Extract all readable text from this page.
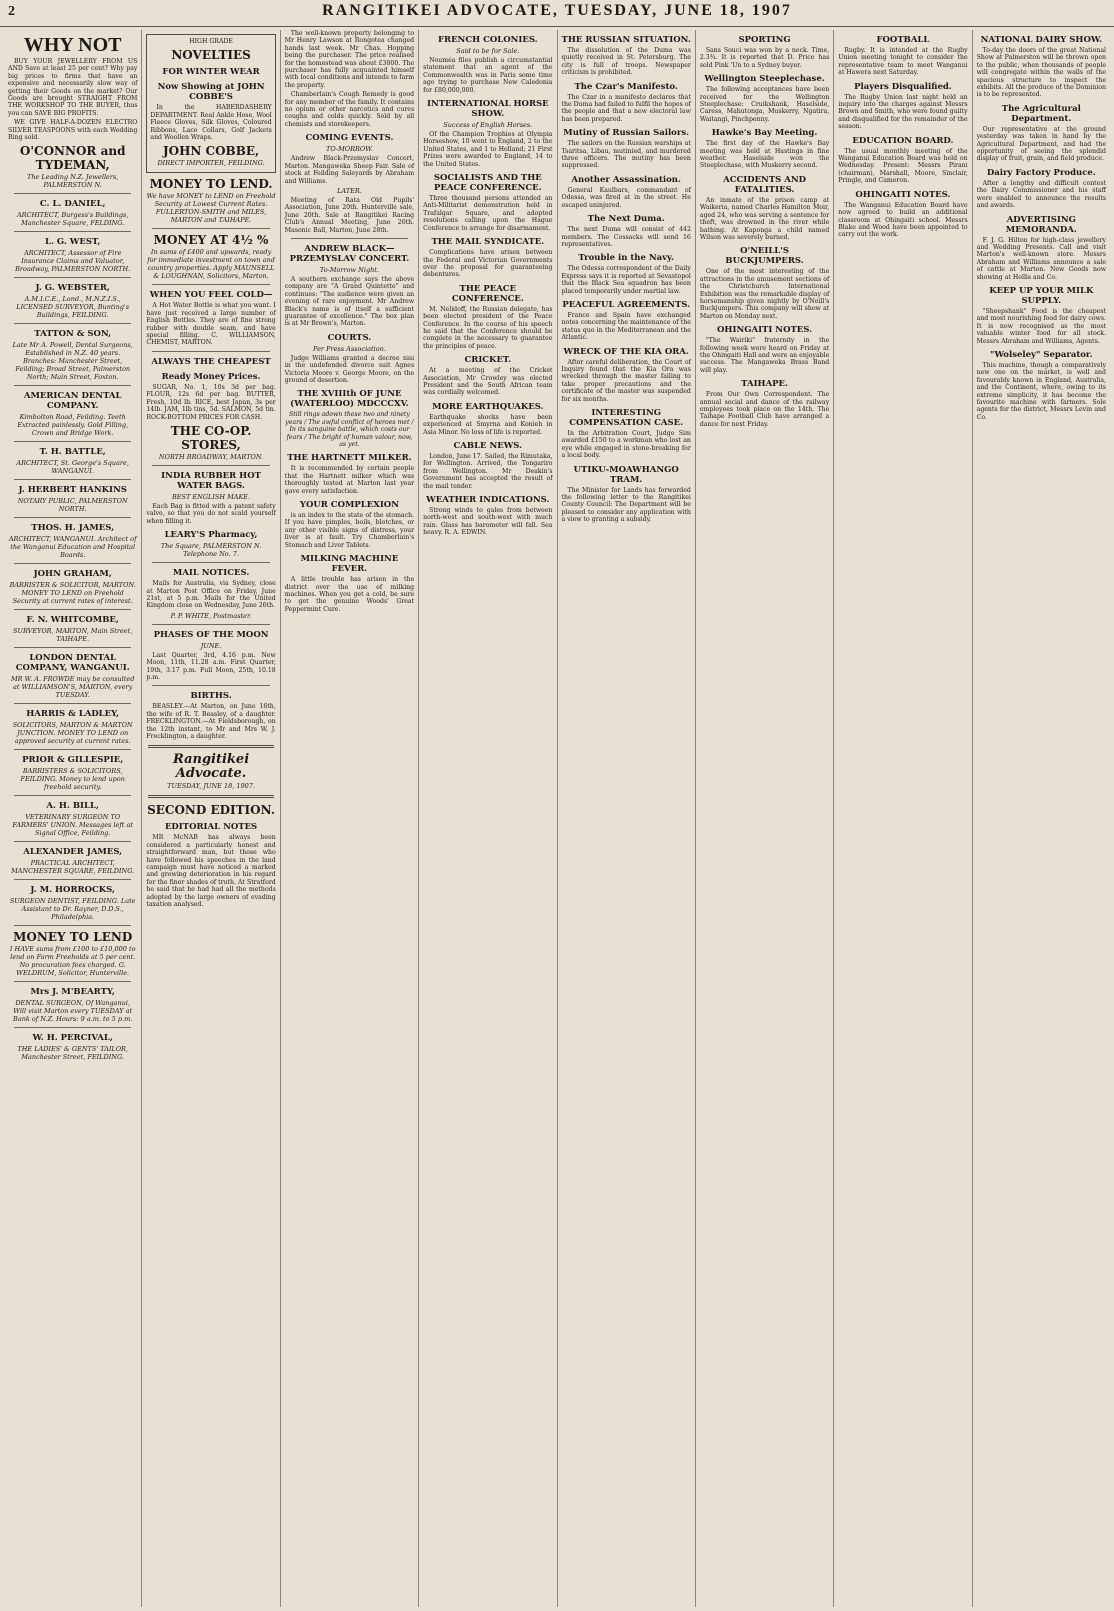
2	RANGITIKEI ADVOCATE, TUESDAY, JUNE 18, 1907
WHY NOT

BUY YOUR JEWELLERY FROM US AND Save at least 25 per cent? Why pay big prices to firms that have an expensive and necessarily slow way of getting their Goods on the market? Our Goods are brought STRAIGHT FROM THE WORKSHOP TO THE BUYER, thus you can SAVE BIG PROFITS.

WE GIVE HALF-A-DOZEN ELECTRO SILVER TEASPOONS with each Wedding Ring sold.

O'CONNOR and TYDEMAN,
The Leading N.Z. Jewellers, PALMERSTON N.
C. L. DANIEL,
ARCHITECT, Burgess's Buildings, Manchester Square, FELDING.
L. G. WEST,
ARCHITECT, Assessor of Fire Insurance Claims and Valuator, Broadway, PALMERSTON NORTH.
J. G. WEBSTER,
A.M.I.C.E., Lond., M.N.Z.I.S., LICENSED SURVEYOR, Bunting's Buildings, FEILDING.
TATTON & SON,
Late Mr A. Powell, Dental Surgeons, Established in N.Z. 40 years. Branches: Manchester Street, Feilding; Broad Street, Palmerston North; Main Street, Foxton.
AMERICAN DENTAL COMPANY.
Kimbolton Road, Feilding. Teeth Extracted painlessly. Gold Filling, Crown and Bridge Work.
T. H. BATTLE,
ARCHITECT, St. George's Square, WANGANUI.
J. HERBERT HANKINS
NOTARY PUBLIC, PALMERSTON NORTH.
THOS. H. JAMES,
ARCHITECT, WANGANUI. Architect of the Wanganui Education and Hospital Boards.
JOHN GRAHAM,
BARRISTER & SOLICITOR, MARTON. MONEY TO LEND on Freehold Security at current rates of interest.
F. N. WHITCOMBE,
SURVEYOR, MARTON, Main Street, TAIHAPE.
LONDON DENTAL COMPANY, WANGANUI.
MR W. A. FROWDE may be consulted at WILLIAMSON'S, MARTON, every TUESDAY.
HARRIS & LADLEY,
SOLICITORS, MARTON & MARTON JUNCTION. MONEY TO LEND on approved security at current rates.
PRIOR & GILLESPIE,
BARRISTERS & SOLICITORS, FEILDING. Money to lend upon freehold security.
A. H. BILL,
VETERINARY SURGEON TO FARMERS' UNION. Messages left at Signal Office, Feilding.
ALEXANDER JAMES,
PRACTICAL ARCHITECT, MANCHESTER SQUARE, FEILDING.
J. M. HORROCKS,
SURGEON DENTIST, FEILDING. Late Assistant to Dr. Rayner, D.D.S., Philadelphia.
MONEY TO LEND
I HAVE sums from £100 to £10,000 to lend on Farm Freeholds at 5 per cent. No procuration fees charged. G. WELDRUM, Solicitor, Hunterville.
Mrs J. M'BEARTY,
DENTAL SURGEON, Of Wanganui, Will visit Marton every TUESDAY at Bank of N.Z. Hours: 9 a.m. to 5 p.m.
W. H. PERCIVAL,
THE LADIES' & GENTS' TAILOR, Manchester Street, FEILDING.
HIGH GRADE
NOVELTIES
FOR WINTER WEAR
Now Showing at JOHN COBBE'S

In the HABERDASHERY DEPARTMENT. Real Ankle Hose, Wool Fleece Gloves, Silk Gloves, Coloured Ribbons, Lace Collars, Golf Jackets and Woollen Wraps.

JOHN COBBE,
DIRECT IMPORTER, FEILDING.
MONEY TO LEND.
We have MONEY to LEND on Freehold Security at Lowest Current Rates. FULLERTON-SMITH and MILES, MARTON and TAIHAPE.
MONEY AT 4½ %
In sums of £400 and upwards, ready for immediate investment on town and country properties. Apply MAUNSELL & LOUGHNAN, Solicitors, Marton.
WHEN YOU FEEL COLD—

A Hot Water Bottle is what you want. I have just received a large number of English Bottles. They are of fine strong rubber with double seam, and have special filling. C. WILLIAMSON, CHEMIST, MARTON.

ALWAYS THE CHEAPEST
Ready Money Prices.

SUGAR, No. 1, 10s 3d per bag. FLOUR, 12s 6d per bag. BUTTER, Fresh, 10d lb. RICE, best Japan, 3s per 14lb. JAM, 1lb tins, 5d. SALMON, 5d tin. ROCK-BOTTOM PRICES FOR CASH.

THE CO-OP. STORES,
NORTH BROADWAY, MARTON.
INDIA RUBBER HOT WATER BAGS.
BEST ENGLISH MAKE.

Each Bag is fitted with a patent safety valve, so that you do not scald yourself when filling it.

LEARY'S Pharmacy,
The Square, PALMERSTON N. Telephone No. 7.
MAIL NOTICES.

Mails for Australia, via Sydney, close at Marton Post Office on Friday, June 21st, at 5 p.m. Mails for the United Kingdom close on Wednesday, June 26th.

P. P. WHITE, Postmaster.
PHASES OF THE MOON
JUNE.

Last Quarter, 3rd, 4.16 p.m. New Moon, 11th, 11.28 a.m. First Quarter, 19th, 3.17 p.m. Full Moon, 25th, 10.18 p.m.

BIRTHS.

BEASLEY.—At Marton, on June 16th, the wife of R. T. Beasley, of a daughter. FRECKLINGTON.—At Fieldsborough, on the 12th instant, to Mr and Mrs W. J. Frecklington, a daughter.

Rangitikei Advocate.
TUESDAY, JUNE 18, 1907.
SECOND EDITION.
EDITORIAL NOTES

MR McNAB has always been considered a particularly honest and straightforward man, but those who have followed his speeches in the land campaign must have noticed a marked and growing deterioration in his regard for the finer shades of truth. At Stratford he said that he had had all the methods adopted by the large owners of evading taxation analysed.

The well-known property belonging to Mr Henry Lawson at Rongotea changed hands last week. Mr Chas. Hopping being the purchaser. The price realised for the homestead was about £3000. The purchaser has fully acquainted himself with local conditions and intends to farm the property.

Chamberlain's Cough Remedy is good for any member of the family. It contains no opium or other narcotics and cures coughs and colds quickly. Sold by all chemists and storekeepers.

COMING EVENTS.
TO-MORROW.

Andrew Black-Przemyslav Concert, Marton. Mangaweka Sheep Fair. Sale of stock at Feilding Saleyards by Abraham and Williams.

LATER.

Meeting of Rata Old Pupils' Association, June 20th. Hunterville sale, June 20th. Sale at Rangitikei Racing Club's Annual Meeting, June 26th. Masonic Ball, Marton, June 28th.

ANDREW BLACK—PRZEMYSLAV CONCERT.
To-Morrow Night.

A southern exchange says the above company are "A Grand Quintette" and continues: "The audience were given an evening of rare enjoyment. Mr Andrew Black's name is of itself a sufficient guarantee of excellence." The box plan is at Mr Brown's, Marton.

COURTS.
Per Press Association.

Judge Williams granted a decree nisi in the undefended divorce suit Agnes Victoria Moore v. George Moore, on the ground of desertion.

THE XVIIIth OF JUNE (WATERLOO) MDCCCXV.

Still rings adown these two and ninety years / The awful conflict of heroes met / In its sanguine battle, which costs our fears / The bright of human valour, now, as yet.

THE HARTNETT MILKER.

It is recommended by certain people that the Hartnett milker which was thoroughly tested at Marton last year gave every satisfaction.

YOUR COMPLEXION

is an index to the state of the stomach. If you have pimples, boils, blotches, or any other visible signs of distress, your liver is at fault. Try Chamberlain's Stomach and Liver Tablets.

MILKING MACHINE FEVER.

A little trouble has arisen in the district over the use of milking machines. When you get a cold, be sure to get the genuine Woods' Great Peppermint Cure.

FRENCH COLONIES.
Said to be for Sale.

Nouméa files publish a circumstantial statement that an agent of the Commonwealth was in Paris some time ago trying to purchase New Caledonia for £80,000,000.

INTERNATIONAL HORSE SHOW.
Success of English Horses.

Of the Champion Trophies at Olympia Horseshow, 10 went to England, 2 to the United States, and 1 to Holland; 21 First Prizes were awarded to England, 14 to the United States.

SOCIALISTS AND THE PEACE CONFERENCE.

Three thousand persons attended an Anti-Militarist demonstration held in Trafalgar Square, and adopted resolutions calling upon the Hague Conference to arrange for disarmament.

THE MAIL SYNDICATE.

Complications have arisen between the Federal and Victorian Governments over the proposal for guaranteeing debentures.

THE PEACE CONFERENCE.

M. Nelidoff, the Russian delegate, has been elected president of the Peace Conference. In the course of his speech he said that the Conference should be complete in the necessary to guarantee the principles of peace.

CRICKET.

At a meeting of the Cricket Association, Mr Crowley was elected President and the South African team was cordially welcomed.

MORE EARTHQUAKES.

Earthquake shocks have been experienced at Smyrna and Konieh in Asia Minor. No loss of life is reported.

CABLE NEWS.

London, June 17. Sailed, the Rimutaka, for Wellington. Arrived, the Tongariro from Wellington. Mr Deakin's Government has accepted the result of the mail tender.

WEATHER INDICATIONS.

Strong winds to gales from between north-west and south-west with much rain. Glass has barometer will fall. Sea heavy. R. A. EDWIN.

THE RUSSIAN SITUATION.

The dissolution of the Duma was quietly received in St. Petersburg. The city is full of troops. Newspaper criticism is prohibited.

The Czar's Manifesto.

The Czar in a manifesto declares that the Duma had failed to fulfil the hopes of the people and that a new electoral law has been prepared.

Mutiny of Russian Sailors.

The sailors on the Russian warships at Tsaritsa, Libau, mutinied, and murdered three officers. The mutiny has been suppressed.

Another Assassination.

General Kaulbars, commandant of Odessa, was fired at in the street. He escaped uninjured.

The Next Duma.

The next Duma will consist of 442 members. The Cossacks will send 16 representatives.

Trouble in the Navy.

The Odessa correspondent of the Daily Express says it is reported at Sevastopol that the Black Sea squadron has been placed temporarily under martial law.

PEACEFUL AGREEMENTS.

France and Spain have exchanged notes concerning the maintenance of the status quo in the Mediterranean and the Atlantic.

WRECK OF THE KIA ORA.

After careful deliberation, the Court of Inquiry found that the Kia Ora was wrecked through the master failing to take proper precautions and the certificate of the master was suspended for six months.

INTERESTING COMPENSATION CASE.

In the Arbitration Court, Judge Sim awarded £150 to a workman who lost an eye while engaged in stone-breaking for a local body.

UTIKU-MOAWHANGO TRAM.

The Minister for Lands has forwarded the following letter to the Rangitikei County Council: The Department will be pleased to consider any application with a view to granting a subsidy.

SPORTING

Sans Souci was won by a neck. Time, 2.3¾. It is reported that D. Price has sold Pink 'Un to a Sydney buyer.

Wellington Steeplechase.

The following acceptances have been received for the Wellington Steeplechase: Cruikshank, Haselside, Caress, Mahutonga, Muskerry, Ngatira, Waitangi, Pinchpenny.

Hawke's Bay Meeting.

The first day of the Hawke's Bay meeting was held at Hastings in fine weather. Haselside won the Steeplechase, with Muskerry second.

ACCIDENTS AND FATALITIES.

An inmate of the prison camp at Waikeria, named Charles Hamilton Moir, aged 24, who was serving a sentence for theft, was drowned in the river while bathing. At Kaponga a child named Wilson was severely burned.

O'NEILL'S BUCKJUMPERS.

One of the most interesting of the attractions in the amusement sections of the Christchurch International Exhibition was the remarkable display of horsemanship given nightly by O'Neill's Buckjumpers. This company will show at Marton on Monday next.

OHINGAITI NOTES.

"The Wairiki" fraternity in the following week were heard on Friday at the Ohingaiti Hall and were an enjoyable success. The Mangaweka Brass Band will play.

TAIHAPE.

From Our Own Correspondent. The annual social and dance of the railway employees took place on the 14th. The Taihape Football Club have arranged a dance for next Friday.

FOOTBALL

Rugby. It is intended at the Rugby Union meeting tonight to consider the representative team to meet Wanganui at Hawera next Saturday.

Players Disqualified.

The Rugby Union last night held an inquiry into the charges against Messrs Brown and Smith, who were found guilty and disqualified for the remainder of the season.

EDUCATION BOARD.

The usual monthly meeting of the Wanganui Education Board was held on Wednesday. Present: Messrs Pirani (chairman), Marshall, Moore, Sinclair, Pringle, and Cameron.

OHINGAITI NOTES.

The Wanganui Education Board have now agreed to build an additional classroom at Ohingaiti school. Messrs Blake and Wood have been appointed to carry out the work.

NATIONAL DAIRY SHOW.

To-day the doors of the great National Show at Palmerston will be thrown open to the public, when thousands of people will congregate within the walls of the spacious structure to inspect the exhibits. All the produce of the Dominion is to be represented.

The Agricultural Department.

Our representative at the ground yesterday was taken in hand by the Agricultural Department, and had the opportunity of seeing the splendid display of fruit, grain, and field produce.

Dairy Factory Produce.

After a lengthy and difficult contest the Dairy Commissioner and his staff were enabled to announce the results and awards.

ADVERTISING MEMORANDA.

F. J. G. Hilton for high-class jewellery and Wedding Presents. Call and visit Marton's well-known store. Messrs Abraham and Williams announce a sale of cattle at Marton. New Goods now showing at Hollis and Co.

KEEP UP YOUR MILK SUPPLY.

"Sheepshank" Food is the cheapest and most nourishing food for dairy cows. It is now recognised as the most valuable winter food for all stock. Messrs Abraham and Williams, Agents.

"Wolseley" Separator.

This machine, though a comparatively new one on the market, is well and favourably known in England, Australia, and the Continent, where, owing to its extreme simplicity, it has become the favourite machine with farmers. Sole agents for the district, Messrs Levin and Co.
